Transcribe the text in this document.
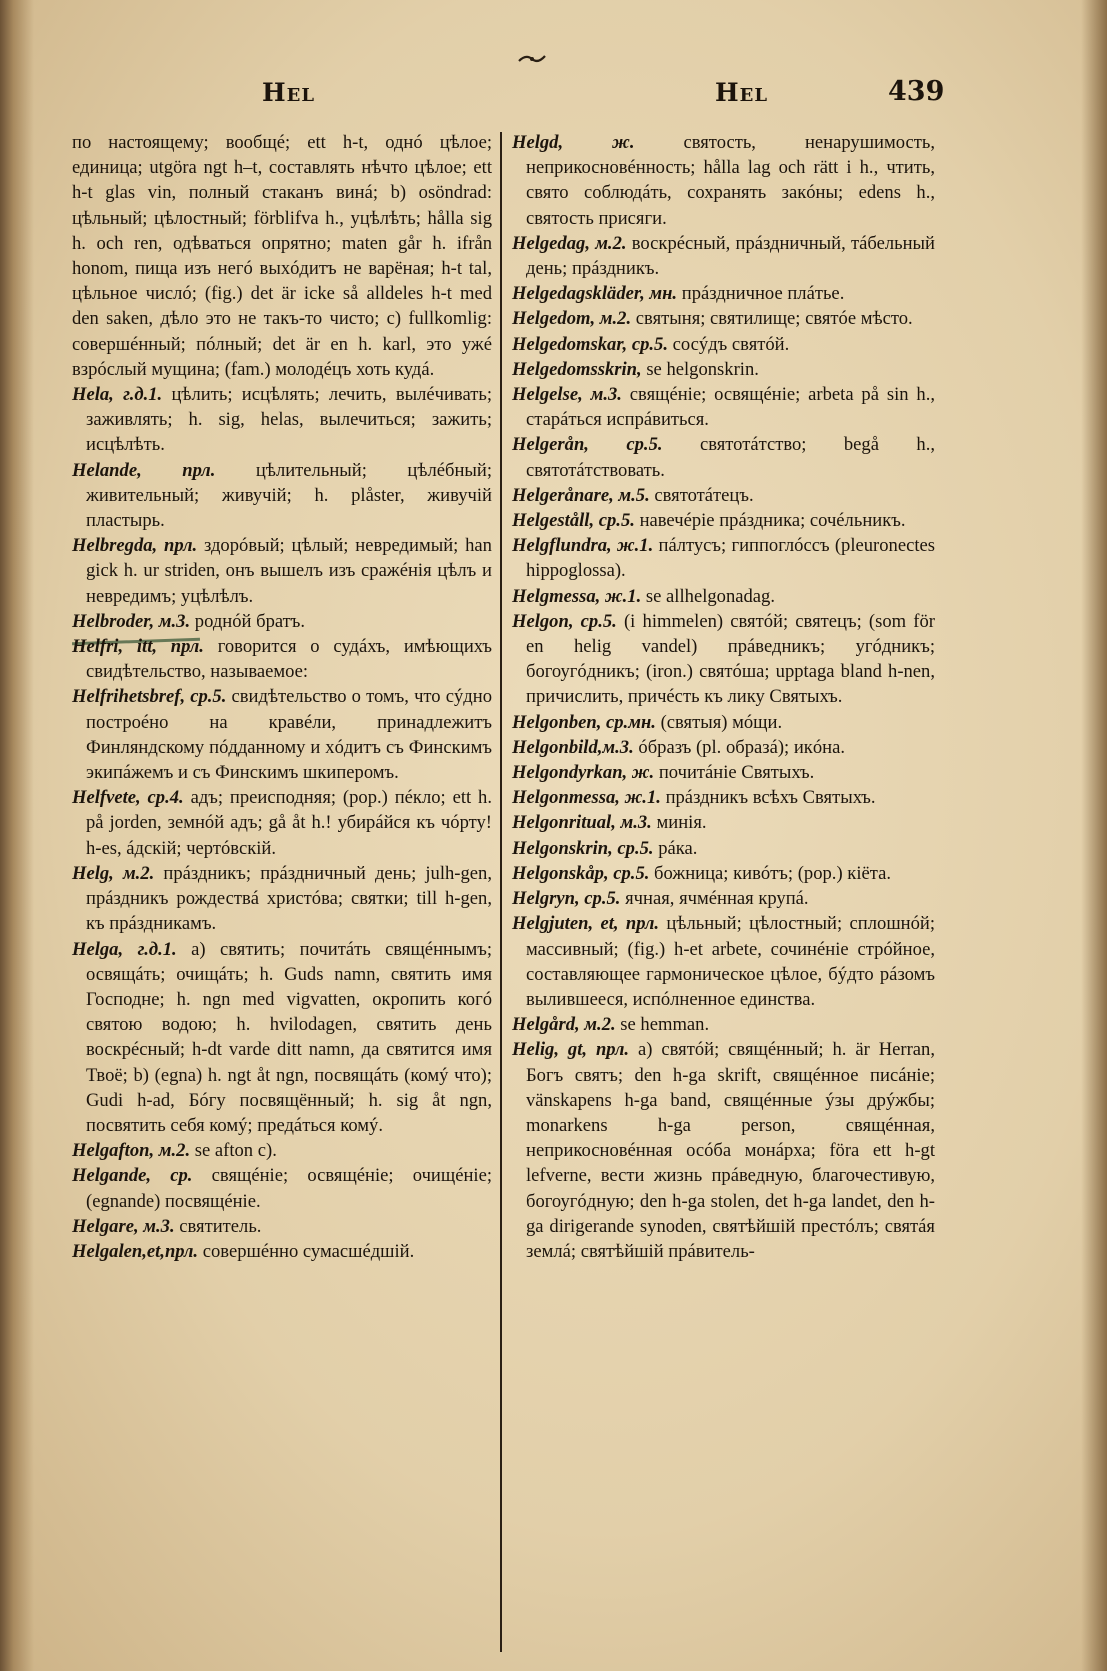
Hel	Hel	439

по настоящему; вообщé; ett h-t, однó цѣлое; единица; utgöra ngt h–t, составлять нѣчто цѣлое; ett h-t glas vin, полный стаканъ винá; b) osöndrad: цѣльный; цѣлостный; förblifva h., уцѣлѣть; hålla sig h. och ren, одѣваться опрятно; maten går h. ifrån honom, пища изъ негó выхóдитъ не варёная; h-t tal, цѣльное числó; (fig.) det är icke så alldeles h-t med den saken, дѣло это не такъ-то чисто; c) fullkomlig: совершéнный; пóлный; det är en h. karl, это ужé взрóслый мущина; (fam.) молодéцъ хоть кудá.

Hela, г.д.1. цѣлить; исцѣлять; лечить, вылéчивать; заживлять; h. sig, helas, вылечиться; зажить; исцѣлѣть.

Helande, прл. цѣлительный; цѣлéбный; живительный; живучій; h. plåster, живучій пластырь.

Helbregda, прл. здорóвый; цѣлый; невредимый; han gick h. ur striden, онъ вышелъ изъ сражéнія цѣлъ и невредимъ; уцѣлѣлъ.

Helbroder, м.3. роднóй братъ.

Helfri, itt, прл. говорится о судáхъ, имѣющихъ свидѣтельство, называемое:

Helfrihetsbref, ср.5. свидѣтельство о томъ, что сýдно построéно на кравéли, принадлежитъ Финляндскому пóдданному и хóдитъ съ Финскимъ экипáжемъ и съ Финскимъ шкиперомъ.

Helfvete, ср.4. адъ; преисподняя; (pop.) пéкло; ett h. på jorden, земнóй адъ; gå åt h.! убирáйся къ чóрту! h-es, áдскій; чертóвскій.

Helg, м.2. прáздникъ; прáздничный день; julh-gen, прáздникъ рождествá христóва; святки; till h-gen, къ прáздникамъ.

Helga, г.д.1. а) святить; почитáть свящéннымъ; освящáть; очищáть; h. Guds namn, святить имя Господне; h. ngn med vigvatten, окропить когó святою водою; h. hvilodagen, святить день воскрéсный; h-dt varde ditt namn, да святится имя Твоё; b) (egna) h. ngt åt ngn, посвящáть (комý что); Gudi h-ad, Бóгу посвящённый; h. sig åt ngn, посвятить себя комý; предáться комý.

Helgafton, м.2. se afton c).

Helgande, ср. свящéніе; освящéніе; очищéніе; (egnande) посвящéніе.

Helgare, м.3. святитель.

Helgalen,et,прл. совершéнно сумасшéдшій.

Helgd, ж.	святость, ненарушимость, неприкосновéнность; hålla lag och rätt i h., чтить, свято соблюдáть, сохранять закóны; edens h., святость присяги.

Helgedag, м.2. воскрéсный, прáздничный, тáбельный день; прáздникъ.

Helgedagskläder, мн. прáздничное плáтье.

Helgedom, м.2. святыня; святилище; святóе мѣсто.

Helgedomskar, ср.5. сосýдъ святóй.

Helgedomsskrin, se helgonskrin.

Helgelse, м.3. свящéніе; освящéніе; arbeta på sin h., старáться испрáвиться.

Helgerån, ср.5. святотáтство; begå h., святотáтствовать.

Helgerånare, м.5. святотáтецъ.

Helgeståll, ср.5. навечéріе прáздника; сочéльникъ.

Helgflundra, ж.1. пáлтусъ; гиппоглóссъ (pleuronectes hippoglossa).

Helgmessa, ж.1. se allhelgonadag.

Helgon, ср.5. (i himmelen) святóй; святецъ; (som för en helig vandel) прáведникъ; угóдникъ; богоугóдникъ; (iron.) святóша; upptaga bland h-nen, причислить, причéсть къ лику Святыхъ.

Helgonben, ср.мн. (святыя) мóщи.

Helgonbild,м.3. óбразъ (pl. образá); икóна.

Helgondyrkan, ж. почитáніе Святыхъ.

Helgonmessa, ж.1. прáздникъ всѣхъ Святыхъ.

Helgonritual, м.3. минія.

Helgonskrin, ср.5. рáка.

Helgonskåp, ср.5. божница; кивóтъ; (pop.) кіёта.

Helgryn, ср.5. ячная, ячмéнная крупá.

Helgjuten, et, прл. цѣльный; цѣлостный; сплошнóй; массивный; (fig.) h-et arbete, сочинéніе стрóйное, составляющее гармоническое цѣлое, бýдто рáзомъ вылившееся, испóлненное единства.

Helgård, м.2. se hemman.

Helig, gt, прл. а) святóй; свящéнный; h. är Herran, Богъ святъ; den h-ga skrift, свящéнное писáніе; vänskapens h-ga band, свящéнные ýзы дрýжбы; monarkens h-ga person, свящéнная, неприкосновéнная осóба монáрха; föra ett h-gt lefverne, вести жизнь прáведную, благочестивую, богоугóдную; den h-ga stolen, det h-ga landet, den h-ga dirigerande synoden, святѣйшій престóлъ; святáя землá; святѣйшій прáвитель-
